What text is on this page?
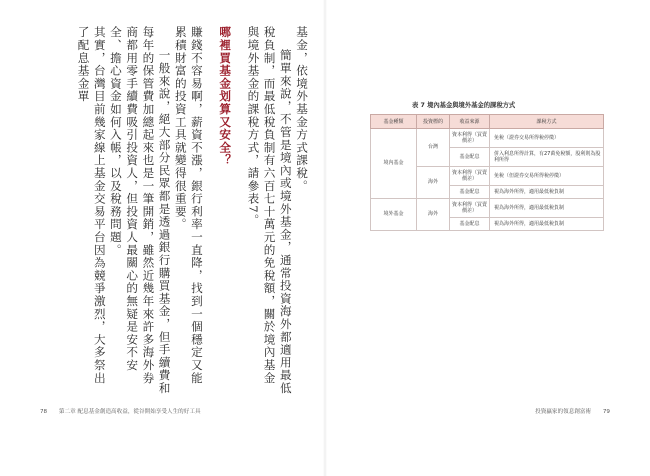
基金，依境外基金方式課稅。

簡單來說，不管是境內或境外基金，通常投資海外都適用最低稅負制，而最低稅負制有六百七十萬元的免稅額，關於境內基金與境外基金的課稅方式，請參表7。

哪裡買基金划算又安全？

賺錢不容易啊，薪資不漲，銀行利率一直降，找到一個穩定又能累積財富的投資工具就變得很重要。

一般來說，絕大部分民眾都是透過銀行購買基金，但手續費和每年的保管費加總起來也是一筆開銷，雖然近幾年來許多海外券商都用零手續費吸引投資人，但投資人最關心的無疑是安不安全、擔心資金如何入帳，以及稅務問題。

其實，台灣目前幾家線上基金交易平台因為競爭激烈，大多祭出了配息基金單

78 第二章 配息基金創造高收益，從谷開始享受人生的好工具
表 7 境內基金與境外基金的課稅方式
基金種類	投資標的	收益來源	課稅方式
境內基金	台灣	資本利得（買賣價差）	免稅（證券交易所得稅停徵）
		基金配息	併入利息所得計算，有27萬免稅額，股利則為股利所得
	海外	資本利得（買賣價差）	免稅（但證券交易所得稅停徵）
		基金配息	視為海外所得，適用最低稅負制
境外基金	海外	資本利得（買賣價差）	視為海外所得，適用最低稅負制
		基金配息	視為海外所得，適用最低稅負制
投資贏家的領息創富術 79
